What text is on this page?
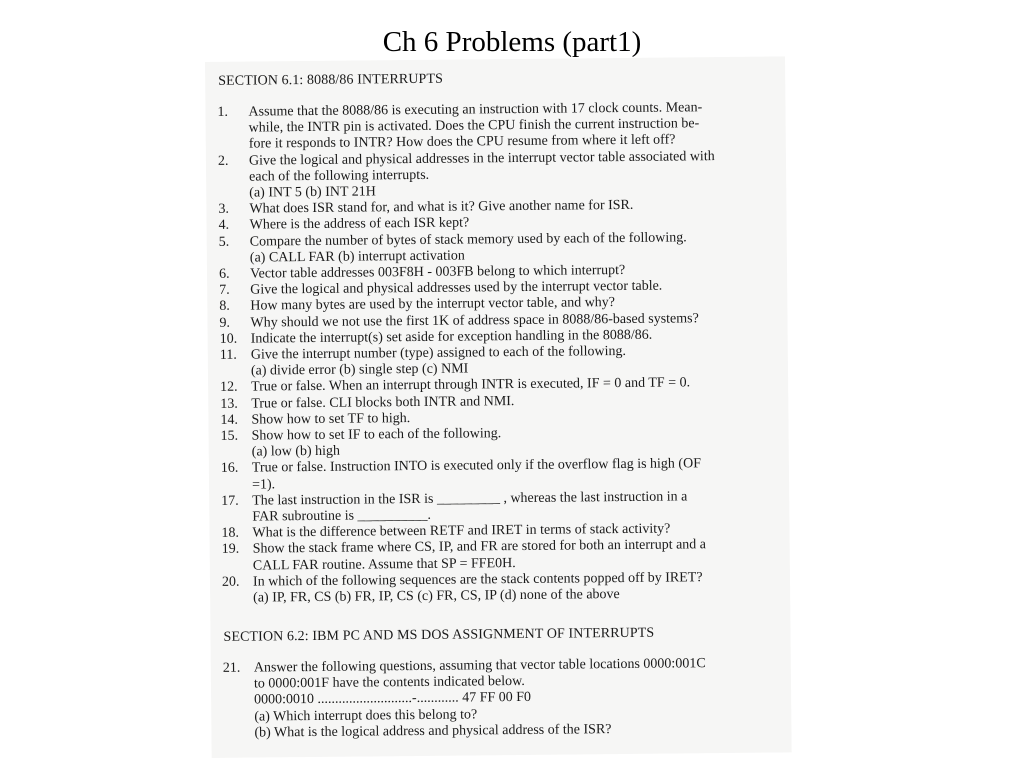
Ch 6 Problems (part1)
SECTION 6.1: 8088/86 INTERRUPTS
1.	Assume that the 8088/86 is executing an instruction with 17 clock counts. Mean-
while, the INTR pin is activated. Does the CPU finish the current instruction be-
fore it responds to INTR? How does the CPU resume from where it left off?
2.	Give the logical and physical addresses in the interrupt vector table associated with
each of the following interrupts.
(a) INT 5 (b) INT 21H
3.	What does ISR stand for, and what is it? Give another name for ISR.
4.	Where is the address of each ISR kept?
5.	Compare the number of bytes of stack memory used by each of the following.
(a) CALL FAR (b) interrupt activation
6.	Vector table addresses 003F8H - 003FB belong to which interrupt?
7.	Give the logical and physical addresses used by the interrupt vector table.
8.	How many bytes are used by the interrupt vector table, and why?
9.	Why should we not use the first 1K of address space in 8088/86-based systems?
10. Indicate the interrupt(s) set aside for exception handling in the 8088/86.
11. Give the interrupt number (type) assigned to each of the following.
(a) divide error (b) single step (c) NMI
12. True or false. When an interrupt through INTR is executed, IF = 0 and TF = 0.
13. True or false. CLI blocks both INTR and NMI.
14. Show how to set TF to high.
15. Show how to set IF to each of the following.
(a) low (b) high
16. True or false. Instruction INTO is executed only if the overflow flag is high (OF
=1).
17. The last instruction in the ISR is _________ , whereas the last instruction in a
FAR subroutine is __________.
18. What is the difference between RETF and IRET in terms of stack activity?
19. Show the stack frame where CS, IP, and FR are stored for both an interrupt and a
CALL FAR routine. Assume that SP = FFE0H.
20. In which of the following sequences are the stack contents popped off by IRET?
(a) IP, FR, CS (b) FR, IP, CS (c) FR, CS, IP (d) none of the above
SECTION 6.2: IBM PC AND MS DOS ASSIGNMENT OF INTERRUPTS
21. Answer the following questions, assuming that vector table locations 0000:001C
to 0000:001F have the contents indicated below.
0000:0010 ...........................-............ 47 FF 00 F0
(a) Which interrupt does this belong to?
(b) What is the logical address and physical address of the ISR?
